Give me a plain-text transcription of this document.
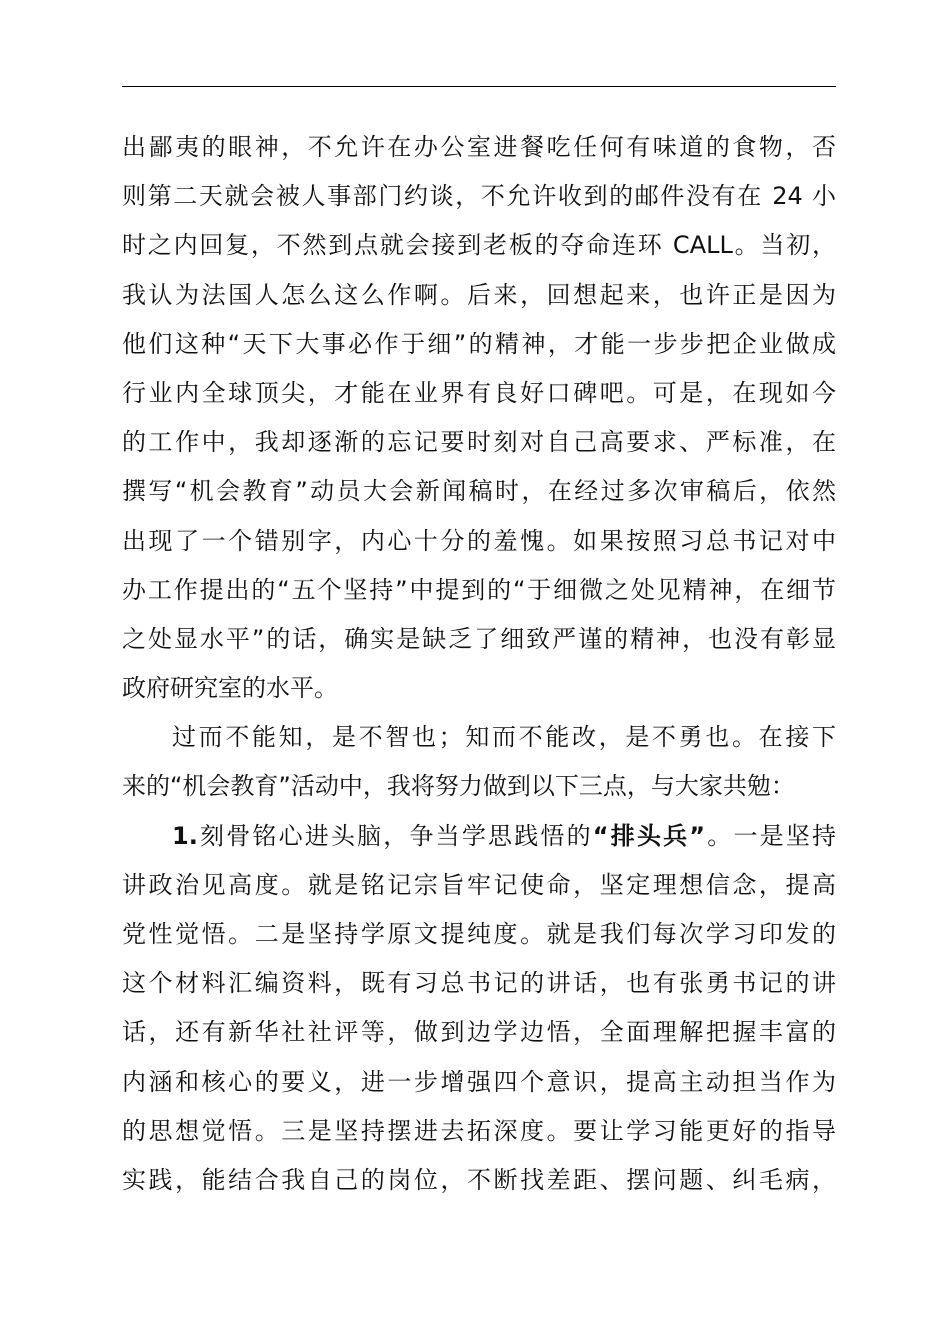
出鄙夷的眼神，不允许在办公室进餐吃任何有味道的食物，否
则第二天就会被人事部门约谈，不允许收到的邮件没有在 24 小
时之内回复，不然到点就会接到老板的夺命连环 CALL。当初，
我认为法国人怎么这么作啊。后来，回想起来，也许正是因为
他们这种“天下大事必作于细”的精神，才能一步步把企业做成
行业内全球顶尖，才能在业界有良好口碑吧。可是，在现如今
的工作中，我却逐渐的忘记要时刻对自己高要求、严标准，在
撰写“机会教育”动员大会新闻稿时，在经过多次审稿后，依然
出现了一个错别字，内心十分的羞愧。如果按照习总书记对中
办工作提出的“五个坚持”中提到的“于细微之处见精神，在细节
之处显水平”的话，确实是缺乏了细致严谨的精神，也没有彰显
政府研究室的水平。
过而不能知，是不智也；知而不能改，是不勇也。在接下
来的“机会教育”活动中，我将努力做到以下三点，与大家共勉：
1.刻骨铭心进头脑，争当学思践悟的“排头兵”。一是坚持
讲政治见高度。就是铭记宗旨牢记使命，坚定理想信念，提高
党性觉悟。二是坚持学原文提纯度。就是我们每次学习印发的
这个材料汇编资料，既有习总书记的讲话，也有张勇书记的讲
话，还有新华社社评等，做到边学边悟，全面理解把握丰富的
内涵和核心的要义，进一步增强四个意识，提高主动担当作为
的思想觉悟。三是坚持摆进去拓深度。要让学习能更好的指导
实践，能结合我自己的岗位，不断找差距、摆问题、纠毛病，
